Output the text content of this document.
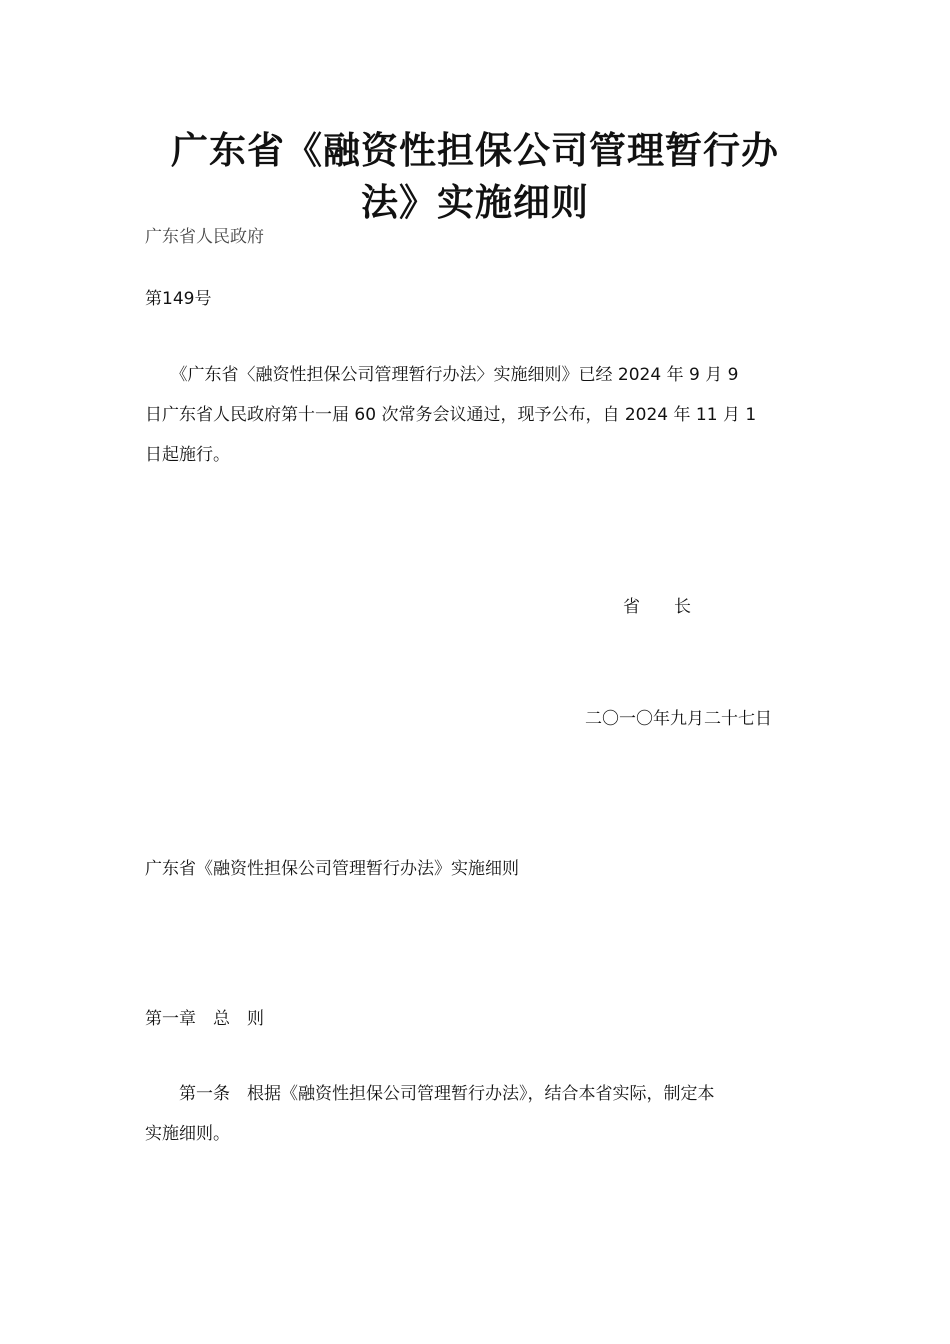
广东省《融资性担保公司管理暂行办
法》实施细则

广东省人民政府

第149号

　　《广东省〈融资性担保公司管理暂行办法〉实施细则》已经 2024 年 9 月 9
日广东省人民政府第十一届 60 次常务会议通过，现予公布，自 2024 年 11 月 1
日起施行。

省　　长

二〇一〇年九月二十七日

广东省《融资性担保公司管理暂行办法》实施细则

第一章　总　则

　　第一条　根据《融资性担保公司管理暂行办法》，结合本省实际，制定本
实施细则。
